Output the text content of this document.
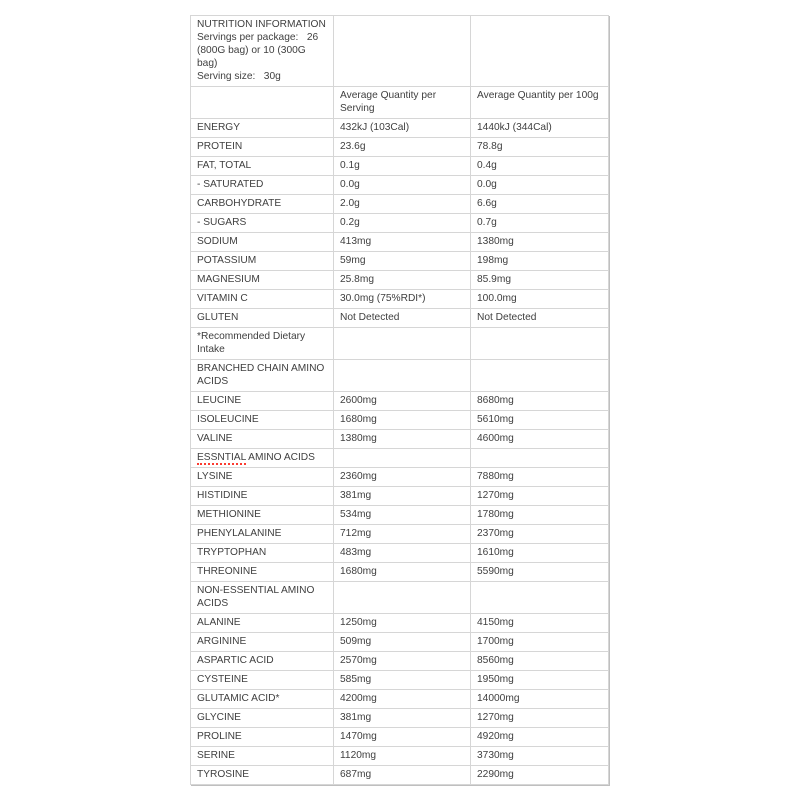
NUTRITION INFORMATION
Servings per package:   26 (800G bag) or 10 (300G bag)
Serving size:   30g		

	Average Quantity per Serving	Average Quantity per 100g
ENERGY	432kJ (103Cal)	1440kJ (344Cal)
PROTEIN	23.6g	78.8g
FAT, TOTAL	0.1g	0.4g
- SATURATED	0.0g	0.0g
CARBOHYDRATE	2.0g	6.6g
- SUGARS	0.2g	0.7g
SODIUM	413mg	1380mg
POTASSIUM	59mg	198mg
MAGNESIUM	25.8mg	85.9mg
VITAMIN C	30.0mg (75%RDI*)	100.0mg
GLUTEN	Not Detected	Not Detected
*Recommended Dietary Intake		
BRANCHED CHAIN AMINO ACIDS		
LEUCINE	2600mg	8680mg
ISOLEUCINE	1680mg	5610mg
VALINE	1380mg	4600mg
ESSNTIAL AMINO ACIDS		
LYSINE	2360mg	7880mg
HISTIDINE	381mg	1270mg
METHIONINE	534mg	1780mg
PHENYLALANINE	712mg	2370mg
TRYPTOPHAN	483mg	1610mg
THREONINE	1680mg	5590mg
NON-ESSENTIAL AMINO ACIDS		
ALANINE	1250mg	4150mg
ARGININE	509mg	1700mg
ASPARTIC ACID	2570mg	8560mg
CYSTEINE	585mg	1950mg
GLUTAMIC ACID*	4200mg	14000mg
GLYCINE	381mg	1270mg
PROLINE	1470mg	4920mg
SERINE	1120mg	3730mg
TYROSINE	687mg	2290mg
